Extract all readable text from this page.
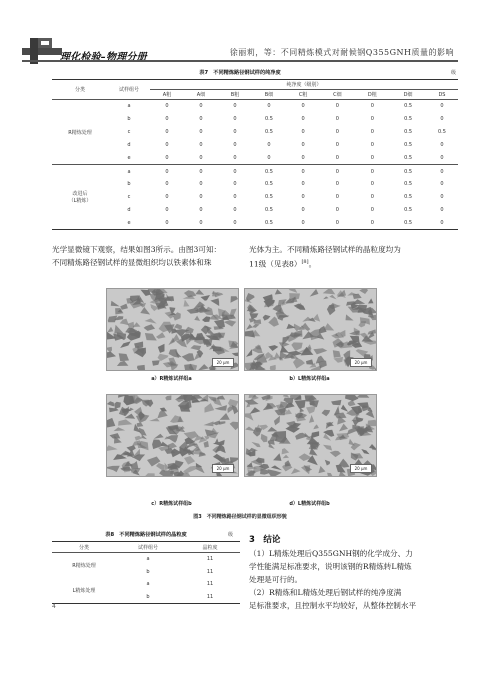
理化检验–物理分册	徐丽莉，等：不同精炼模式对耐候钢Q355GNH质量的影响
表7　不同精炼路径钢试样的纯净度	级
分类	试样组号	纯净度（级别）								
		A粗	A细	B粗	B细	C粗	C细	D粗	D细	DS
R精炼处理	a	0	0	0	0	0	0	0	0.5	0
	b	0	0	0	0.5	0	0	0	0.5	0
	c	0	0	0	0.5	0	0	0	0.5	0.5
	d	0	0	0	0	0	0	0	0.5	0
	e	0	0	0	0	0	0	0	0.5	0

改进后
（L精炼）	a	0	0	0	0.5	0	0	0	0.5	0
	b	0	0	0	0.5	0	0	0	0.5	0
	c	0	0	0	0.5	0	0	0	0.5	0
	d	0	0	0	0.5	0	0	0	0.5	0
	e	0	0	0	0.5	0	0	0	0.5	0
光学显微镜下观察，结果如图3所示。由图3可知：
不同精炼路径钢试样的显微组织均以铁素体和珠
光体为主。不同精炼路径钢试样的晶粒度均为
11级（见表8）[8]。
20 μm
a）R精炼试样组a
20 μm
b）L精炼试样组a
20 μm
c）R精炼试样组b
20 μm
d）L精炼试样组b
图3　不同精炼路径钢试样的显微组织形貌
表8　不同精炼路径钢试样的晶粒度	级
分类	试样组号	晶粒度
R精炼处理	a	11
	b	11
L精炼处理	a	11
	b	11
3　结论
（1）L精炼处理后Q355GNH钢的化学成分、力
学性能满足标准要求，说明该钢的R精炼转L精炼
处理是可行的。
（2）R精炼和L精炼处理后钢试样的纯净度满
足标准要求，且控制水平均较好，从整体控制水平
4
